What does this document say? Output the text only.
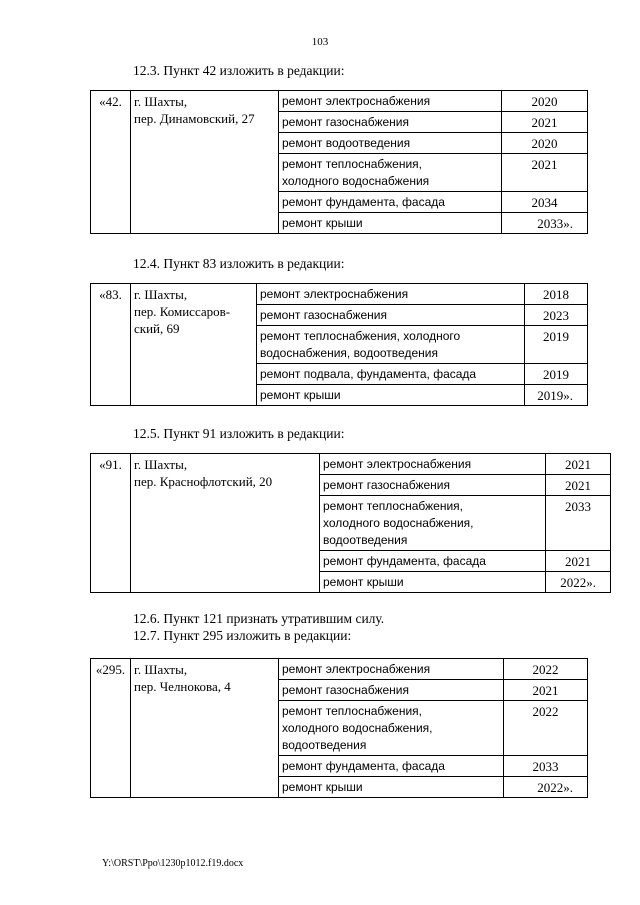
103
12.3. Пункт 42 изложить в редакции:
«42.	г. Шахты,
пер. Динамовский, 27	ремонт электроснабжения	2020
		ремонт газоснабжения	2021
		ремонт водоотведения	2020
		ремонт теплоснабжения,
холодного водоснабжения	2021
		ремонт фундамента, фасада	2034
		ремонт крыши	2033».
12.4. Пункт 83 изложить в редакции:
«83.	г. Шахты,
пер. Комиссаров-
ский, 69	ремонт электроснабжения	2018
		ремонт газоснабжения	2023
		ремонт теплоснабжения, холодного
водоснабжения, водоотведения	2019
		ремонт подвала, фундамента, фасада	2019
		ремонт крыши	2019».
12.5. Пункт 91 изложить в редакции:
«91.	г. Шахты,
пер. Краснофлотский, 20	ремонт электроснабжения	2021
		ремонт газоснабжения	2021
		ремонт теплоснабжения,
холодного водоснабжения,
водоотведения	2033
		ремонт фундамента, фасада	2021
		ремонт крыши	2022».
12.6. Пункт 121 признать утратившим силу.
12.7. Пункт 295 изложить в редакции:
«295.	г. Шахты,
пер. Челнокова, 4	ремонт электроснабжения	2022
		ремонт газоснабжения	2021
		ремонт теплоснабжения,
холодного водоснабжения,
водоотведения	2022
		ремонт фундамента, фасада	2033
		ремонт крыши	2022».
Y:\ORST\Ppo\1230p1012.f19.docx
